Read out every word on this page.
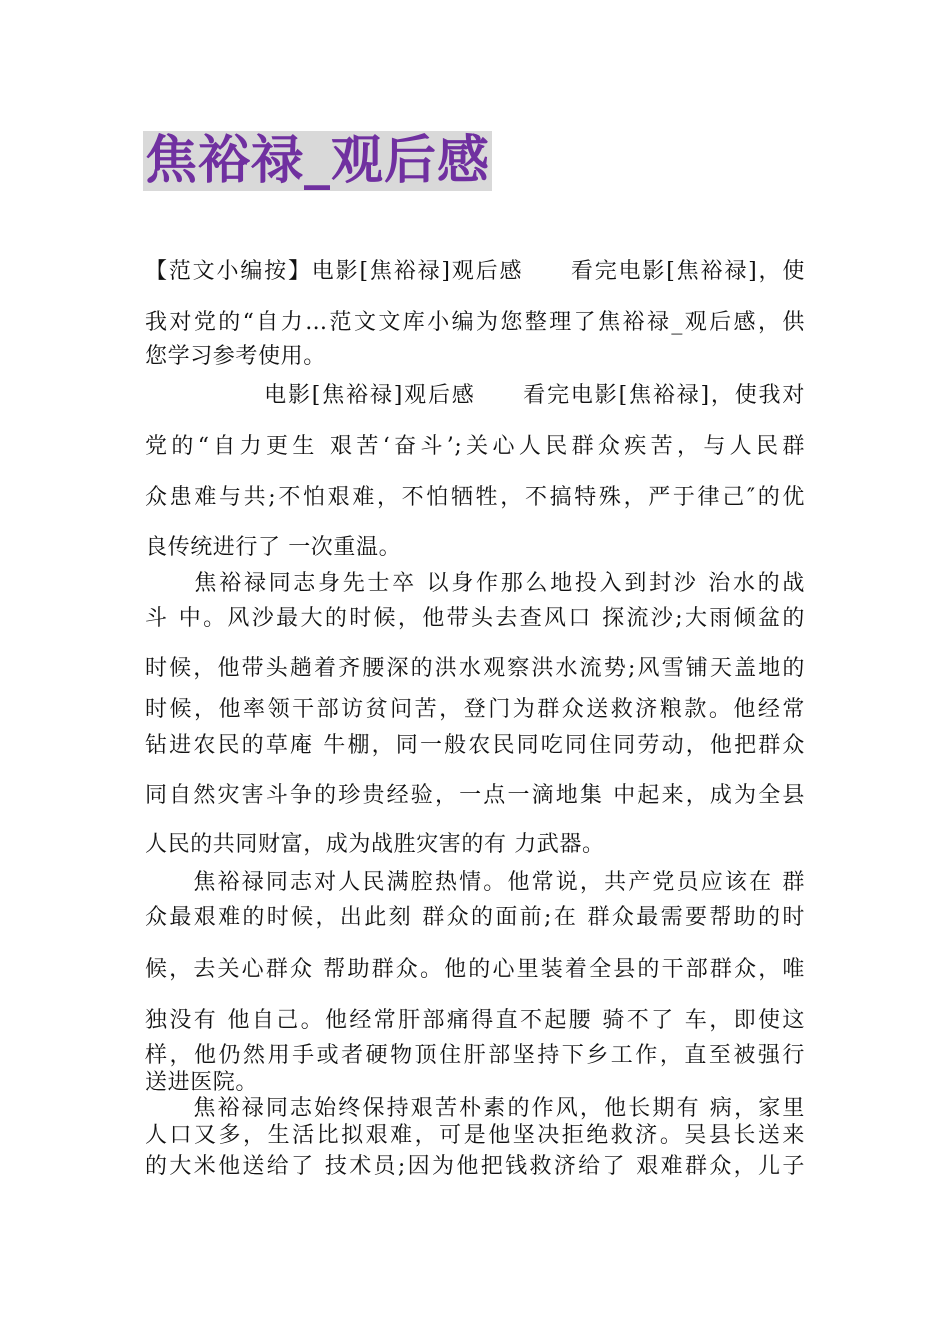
焦裕禄_观后感
【范文小编按】电影[焦裕禄]观后感　　看完电影[焦裕禄]，使
我对党的“自力…范文文库小编为您整理了焦裕禄_观后感，供
您学习参考使用。
　　　　　电影[焦裕禄]观后感　　看完电影[焦裕禄]，使我对
党的“自力更生 艰苦‘奋斗’;关心人民群众疾苦，与人民群
众患难与共;不怕艰难，不怕牺牲，不搞特殊，严于律己″的优
良传统进行了 一次重温。
　　焦裕禄同志身先士卒 以身作那么地投入到封沙 治水的战
斗 中。风沙最大的时候，他带头去查风口 探流沙;大雨倾盆的
时候，他带头趟着齐腰深的洪水观察洪水流势;风雪铺天盖地的
时候，他率领干部访贫问苦，登门为群众送救济粮款。他经常
钻进农民的草庵 牛棚，同一般农民同吃同住同劳动，他把群众
同自然灾害斗争的珍贵经验，一点一滴地集 中起来，成为全县
人民的共同财富，成为战胜灾害的有 力武器。
　　焦裕禄同志对人民满腔热情。他常说，共产党员应该在 群
众最艰难的时候，出此刻 群众的面前;在 群众最需要帮助的时
候，去关心群众 帮助群众。他的心里装着全县的干部群众，唯
独没有 他自己。他经常肝部痛得直不起腰 骑不了 车，即使这
样，他仍然用手或者硬物顶住肝部坚持下乡工作，直至被强行
送进医院。
　　焦裕禄同志始终保持艰苦朴素的作风，他长期有 病，家里
人口又多，生活比拟艰难，可是他坚决拒绝救济。吴县长送来
的大米他送给了 技术员;因为他把钱救济给了 艰难群众，儿子
